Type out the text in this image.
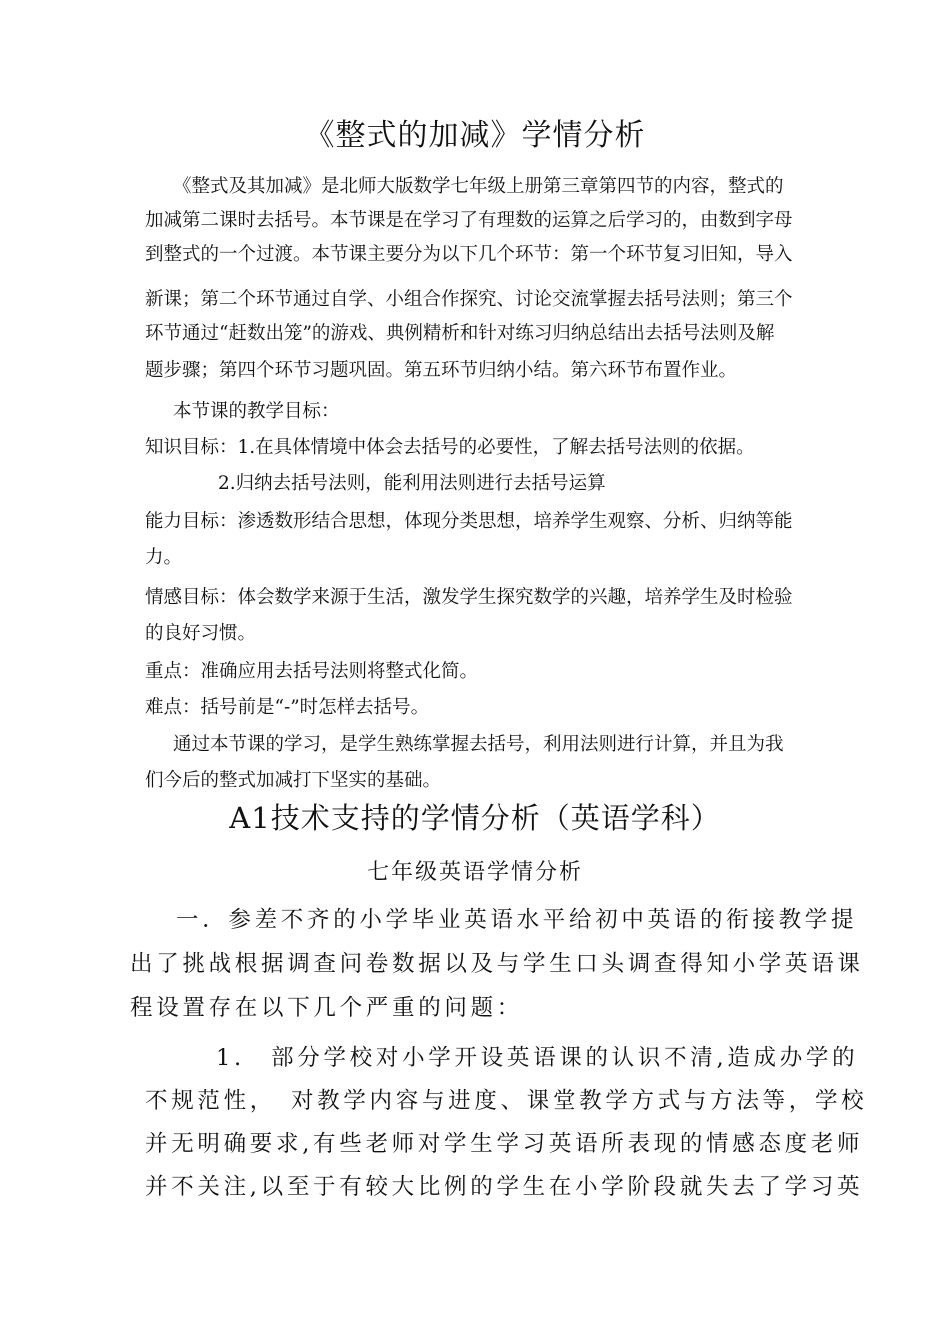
《整式的加减》学情分析
《整式及其加减》是北师大版数学七年级上册第三章第四节的内容，整式的
加减第二课时去括号。本节课是在学习了有理数的运算之后学习的，由数到字母
到整式的一个过渡。本节课主要分为以下几个环节：第一个环节复习旧知，导入
新课；第二个环节通过自学、小组合作探究、讨论交流掌握去括号法则；第三个
环节通过“赶数出笼”的游戏、典例精析和针对练习归纳总结出去括号法则及解
题步骤；第四个环节习题巩固。第五环节归纳小结。第六环节布置作业。
本节课的教学目标：
知识目标：1.在具体情境中体会去括号的必要性，了解去括号法则的依据。
2.归纳去括号法则，能利用法则进行去括号运算
能力目标：渗透数形结合思想，体现分类思想，培养学生观察、分析、归纳等能
力。
情感目标：体会数学来源于生活，激发学生探究数学的兴趣，培养学生及时检验
的良好习惯。
重点：准确应用去括号法则将整式化简。
难点：括号前是“-”时怎样去括号。
通过本节课的学习，是学生熟练掌握去括号，利用法则进行计算，并且为我
们今后的整式加减打下坚实的基础。
A1技术支持的学情分析（英语学科）
七年级英语学情分析
一．参差不齐的小学毕业英语水平给初中英语的衔接教学提
出了挑战根据调查问卷数据以及与学生口头调查得知小学英语课
程设置存在以下几个严重的问题：
1.　部分学校对小学开设英语课的认识不清,造成办学的
不规范性，　对教学内容与进度、课堂教学方式与方法等，学校
并无明确要求,有些老师对学生学习英语所表现的情感态度老师
并不关注,以至于有较大比例的学生在小学阶段就失去了学习英
